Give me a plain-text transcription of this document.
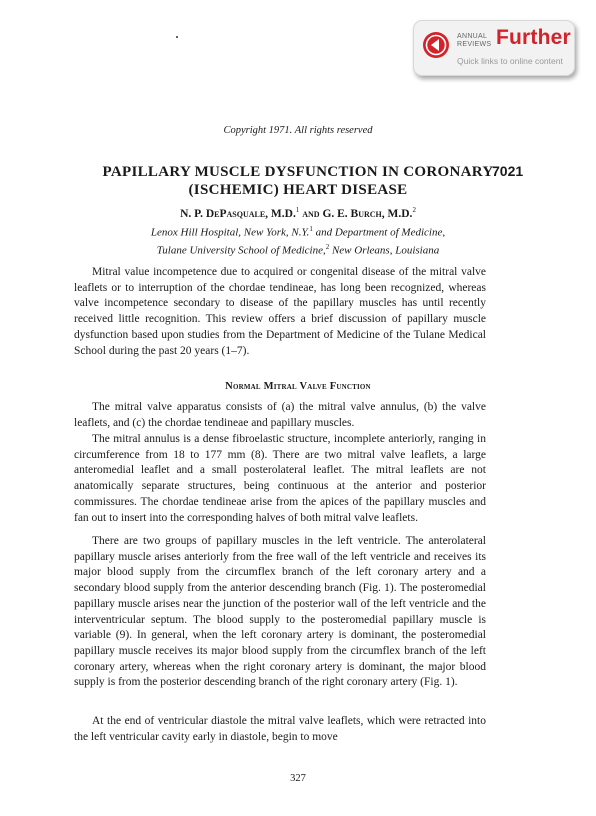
ANNUAL REVIEWS Further
Quick links to online content
Copyright 1971. All rights reserved
PAPILLARY MUSCLE DYSFUNCTION IN CORONARY (ISCHEMIC) HEART DISEASE
7021
N. P. DePasquale, M.D.$^1$ and G. E. Burch, M.D.$^2$
Lenox Hill Hospital, New York, N.Y.$^1$ and Department of Medicine,
Tulane University School of Medicine,$^2$ New Orleans, Louisiana

Mitral value incompetence due to acquired or congenital disease of the mitral valve leaflets or to interruption of the chordae tendineae, has long been recognized, whereas valve incompetence secondary to disease of the papillary muscles has until recently received little recognition. This review offers a brief discussion of papillary muscle dysfunction based upon studies from the Department of Medicine of the Tulane Medical School during the past 20 years (1–7).

Normal Mitral Valve Function

The mitral valve apparatus consists of (a) the mitral valve annulus, (b) the valve leaflets, and (c) the chordae tendineae and papillary muscles.

The mitral annulus is a dense fibroelastic structure, incomplete anteriorly, ranging in circumference from 18 to 177 mm (8). There are two mitral valve leaflets, a large anteromedial leaflet and a small posterolateral leaflet. The mitral leaflets are not anatomically separate structures, being continuous at the anterior and posterior commissures. The chordae tendineae arise from the apices of the papillary muscles and fan out to insert into the corresponding halves of both mitral valve leaflets.

There are two groups of papillary muscles in the left ventricle. The anterolateral papillary muscle arises anteriorly from the free wall of the left ventricle and receives its major blood supply from the circumflex branch of the left coronary artery and a secondary blood supply from the anterior descending branch (Fig. 1). The posteromedial papillary muscle arises near the junction of the posterior wall of the left ventricle and the interventricular septum. The blood supply to the posteromedial papillary muscle is variable (9). In general, when the left coronary artery is dominant, the posteromedial papillary muscle receives its major blood supply from the circumflex branch of the left coronary artery, whereas when the right coronary artery is dominant, the major blood supply is from the posterior descending branch of the right coronary artery (Fig. 1).

At the end of ventricular diastole the mitral valve leaflets, which were retracted into the left ventricular cavity early in diastole, begin to move

327
